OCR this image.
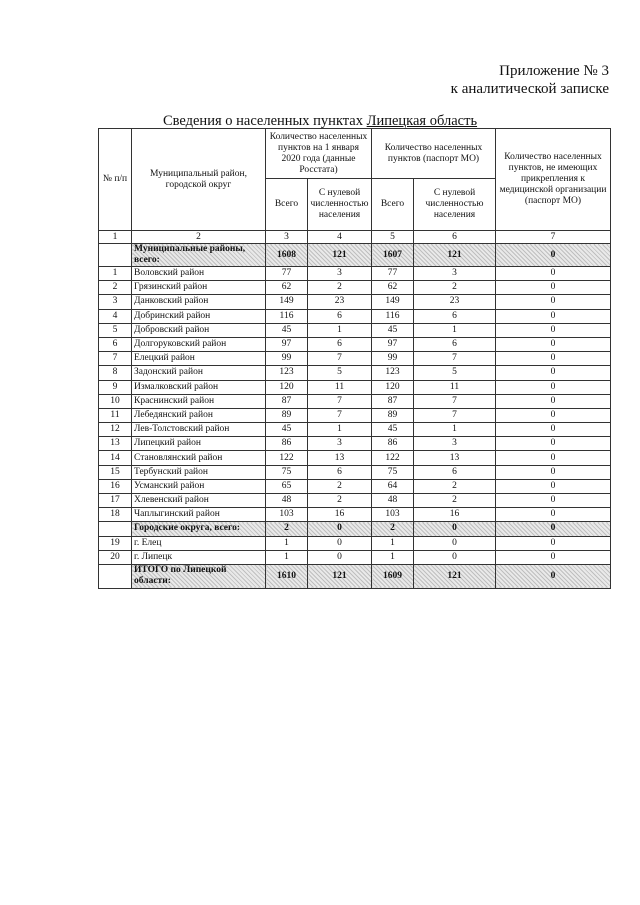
Приложение № 3
к аналитической записке
Сведения о населенных пунктах Липецкая область
№ п/п	Муниципальный район, городской округ	Количество населенных пунктов на 1 января 2020 года (данные Росстата)		Количество населенных пунктов (паспорт МО)		Количество населенных пунктов, не имеющих прикрепления к медицинской организации (паспорт МО)
		Всего	С нулевой численностью населения	Всего	С нулевой численностью населения	
1	2	3	4	5	6	7
	Муниципальные районы, всего:	1608	121	1607	121	0
1	Воловский район	77	3	77	3	0
2	Грязинский район	62	2	62	2	0
3	Данковский район	149	23	149	23	0
4	Добринский район	116	6	116	6	0
5	Добровский район	45	1	45	1	0
6	Долгоруковский район	97	6	97	6	0
7	Елецкий район	99	7	99	7	0
8	Задонский район	123	5	123	5	0
9	Измалковский район	120	11	120	11	0
10	Краснинский район	87	7	87	7	0
11	Лебедянский район	89	7	89	7	0
12	Лев-Толстовский район	45	1	45	1	0
13	Липецкий район	86	3	86	3	0
14	Становлянский район	122	13	122	13	0
15	Тербунский район	75	6	75	6	0
16	Усманский район	65	2	64	2	0
17	Хлевенский район	48	2	48	2	0
18	Чаплыгинский район	103	16	103	16	0
	Городские округа, всего:	2	0	2	0	0
19	г. Елец	1	0	1	0	0
20	г. Липецк	1	0	1	0	0
	ИТОГО по Липецкой области:	1610	121	1609	121	0
